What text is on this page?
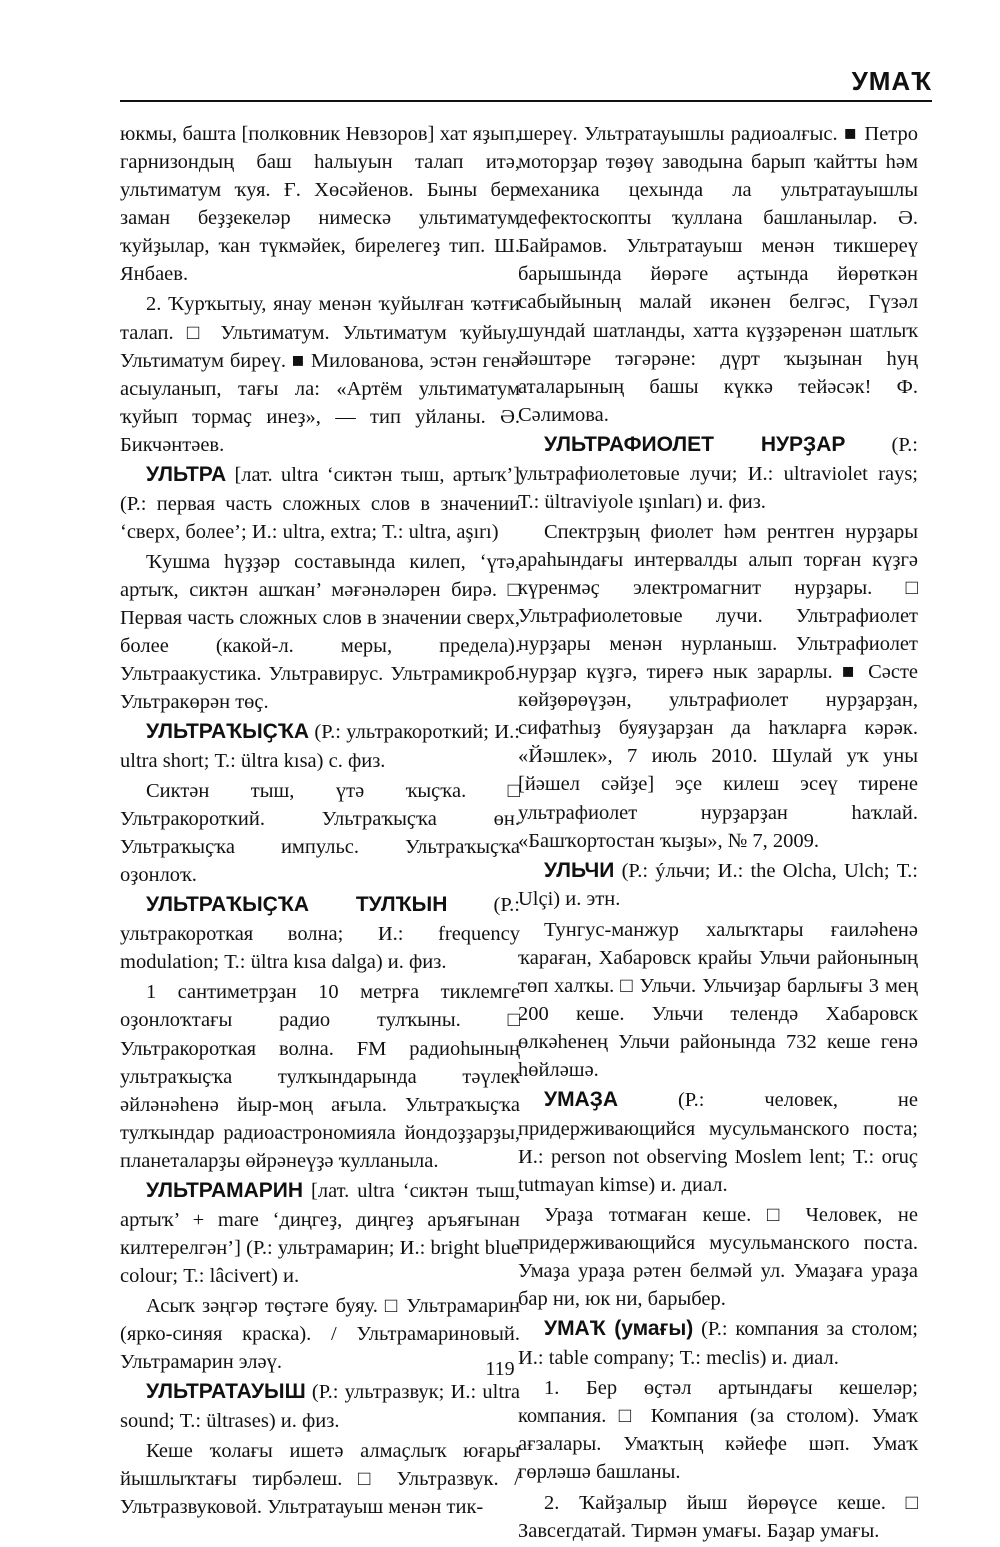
УМАҠ

юкмы, башта [полковник Невзоров] хат яҙып, гарнизондың баш һалыуын талап итә, ультиматум ҡуя. Ғ. Хөсәйенов. Быны бер заман беҙҙекеләр нимескә ультиматум ҡуйҙылар, ҡан түкмәйек, бирелегеҙ тип. Ш. Янбаев.

2. Ҡурҡытыу, янау менән ҡуйылған ҡәтғи талап. □ Ультиматум. Ультиматум ҡуйыу. Ультиматум биреү. ■ Милованова, эстән генә асыуланып, тағы ла: «Артём ультиматум ҡуйып тормаҫ инеҙ», — тип уйланы. Ә. Бикчәнтәев.

УЛЬТРА [лат. ultra ‘сиктән тыш, артыҡ’] (Р.: первая часть сложных слов в значении ‘сверх, более’; И.: ultra, extra; Т.: ultra, aşırı)

Ҡушма һүҙҙәр составында килеп, ‘үтә, артыҡ, сиктән ашҡан’ мәғәнәләрен бирә. □ Первая часть сложных слов в значении сверх, более (какой-л. меры, предела). Ультраакустика. Ультравирус. Ультрамикроб. Ультракөрән төҫ.

УЛЬТРАҠЫҪҠА (Р.: ультракороткий; И.: ultra short; Т.: ültra kısa) с. физ.

Сиктән тыш, үтә ҡыҫҡа. □ Ультракороткий. Ультраҡыҫҡа өн. Ультраҡыҫҡа импульс. Ультраҡыҫҡа оҙонлоҡ.

УЛЬТРАҠЫҪҠА ТУЛҠЫН (Р.: ультракороткая волна; И.: frequency modulation; Т.: ültra kısa dalga) и. физ.

1 сантиметрҙан 10 метрға тиклемге оҙонлоҡтағы радио тулҡыны. □ Ультракороткая волна. FM радиоһының ультраҡыҫҡа тулҡындарында тәүлек әйләнәһенә йыр-моң ағыла. Ультраҡыҫҡа тулҡындар радиоастрономияла йондоҙҙарҙы, планеталарҙы өйрәнеүҙә ҡулланыла.

УЛЬТРАМАРИН [лат. ultra ‘сиктән тыш, артыҡ’ + mare ‘диңгеҙ, диңгеҙ аръяғынан килтерелгән’] (Р.: ультрамарин; И.: bright blue colour; Т.: lâcivert) и.

Асыҡ зәңгәр төҫтәге буяу. □ Ультрамарин (ярко-синяя краска). / Ультрамариновый. Ультрамарин эләү.

УЛЬТРАТАУЫШ (Р.: ультразвук; И.: ultra sound; Т.: ültrases) и. физ.

Кеше ҡолағы ишетә алмаҫлыҡ юғары йышлыҡтағы тирбәлеш. □ Ультразвук. / Ультразвуковой. Ультратауыш менән тик-

шереү. Ультратауышлы радиоалғыс. ■ Петро моторҙар төҙөү заводына барып ҡайтты һәм механика цехында ла ультратауышлы дефектоскопты ҡуллана башланылар. Ә. Байрамов. Ультратауыш менән тикшереү барышында йөрәге аҫтында йөрөткән сабыйының малай икәнен белгәс, Гүзәл шундай шатланды, хатта күҙҙәренән шатлыҡ йәштәре тәгәрәне: дүрт ҡыҙынан һуң аталарының башы күккә тейәсәк! Ф. Сәлимова.

УЛЬТРАФИОЛЕТ НУРҘАР (Р.: ультрафиолетовые лучи; И.: ultraviolet rays; Т.: ültraviyole ışınları) и. физ.

Спектрҙың фиолет һәм рентген нурҙары араһындағы интервалды алып торған күҙгә күренмәҫ электромагнит нурҙары. □ Ультрафиолетовые лучи. Ультрафиолет нурҙары менән нурланыш. Ультрафиолет нурҙар күҙгә, тиреғә нык зарарлы. ■ Сәсте көйҙөрөүҙән, ультрафиолет нурҙарҙан, сифатһыҙ буяуҙарҙан да һаҡларға кәрәк. «Йәшлек», 7 июль 2010. Шулай уҡ уны [йәшел сәйҙе] эҫе килеш эсеү тирене ультрафиолет нурҙарҙан һаҡлай. «Башҡортостан ҡыҙы», № 7, 2009.

УЛЬЧИ (Р.: ýльчи; И.: the Olcha, Ulch; Т.: Ulçi) и. этн.

Тунгус-манжур халыҡтары ғаиләһенә ҡараған, Хабаровск крайы Ульчи районының төп халҡы. □ Ульчи. Ульчиҙар барлығы 3 мең 200 кеше. Ульчи телендә Хабаровск өлкәһенең Ульчи районында 732 кеше генә һөйләшә.

УМАҘА (Р.: человек, не придерживающийся мусульманского поста; И.: person not observing Moslem lent; Т.: oruç tutmayan kimse) и. диал.

Ураҙа тотмаған кеше. □ Человек, не придерживающийся мусульманского поста. Умаҙа ураҙа рәтен белмәй ул. Умаҙаға ураҙа бар ни, юк ни, барыбер.

УМАҠ (умағы) (Р.: компания за столом; И.: table company; Т.: meclis) и. диал.

1. Бер өҫтәл артындағы кешеләр; компания. □ Компания (за столом). Умаҡ ағзалары. Умаҡтың кәйефе шәп. Умаҡ гөрләшә башланы.

2. Ҡайҙалыр йыш йөрөүсе кеше. □ Завсегдатай. Тирмән умағы. Баҙар умағы.

119
